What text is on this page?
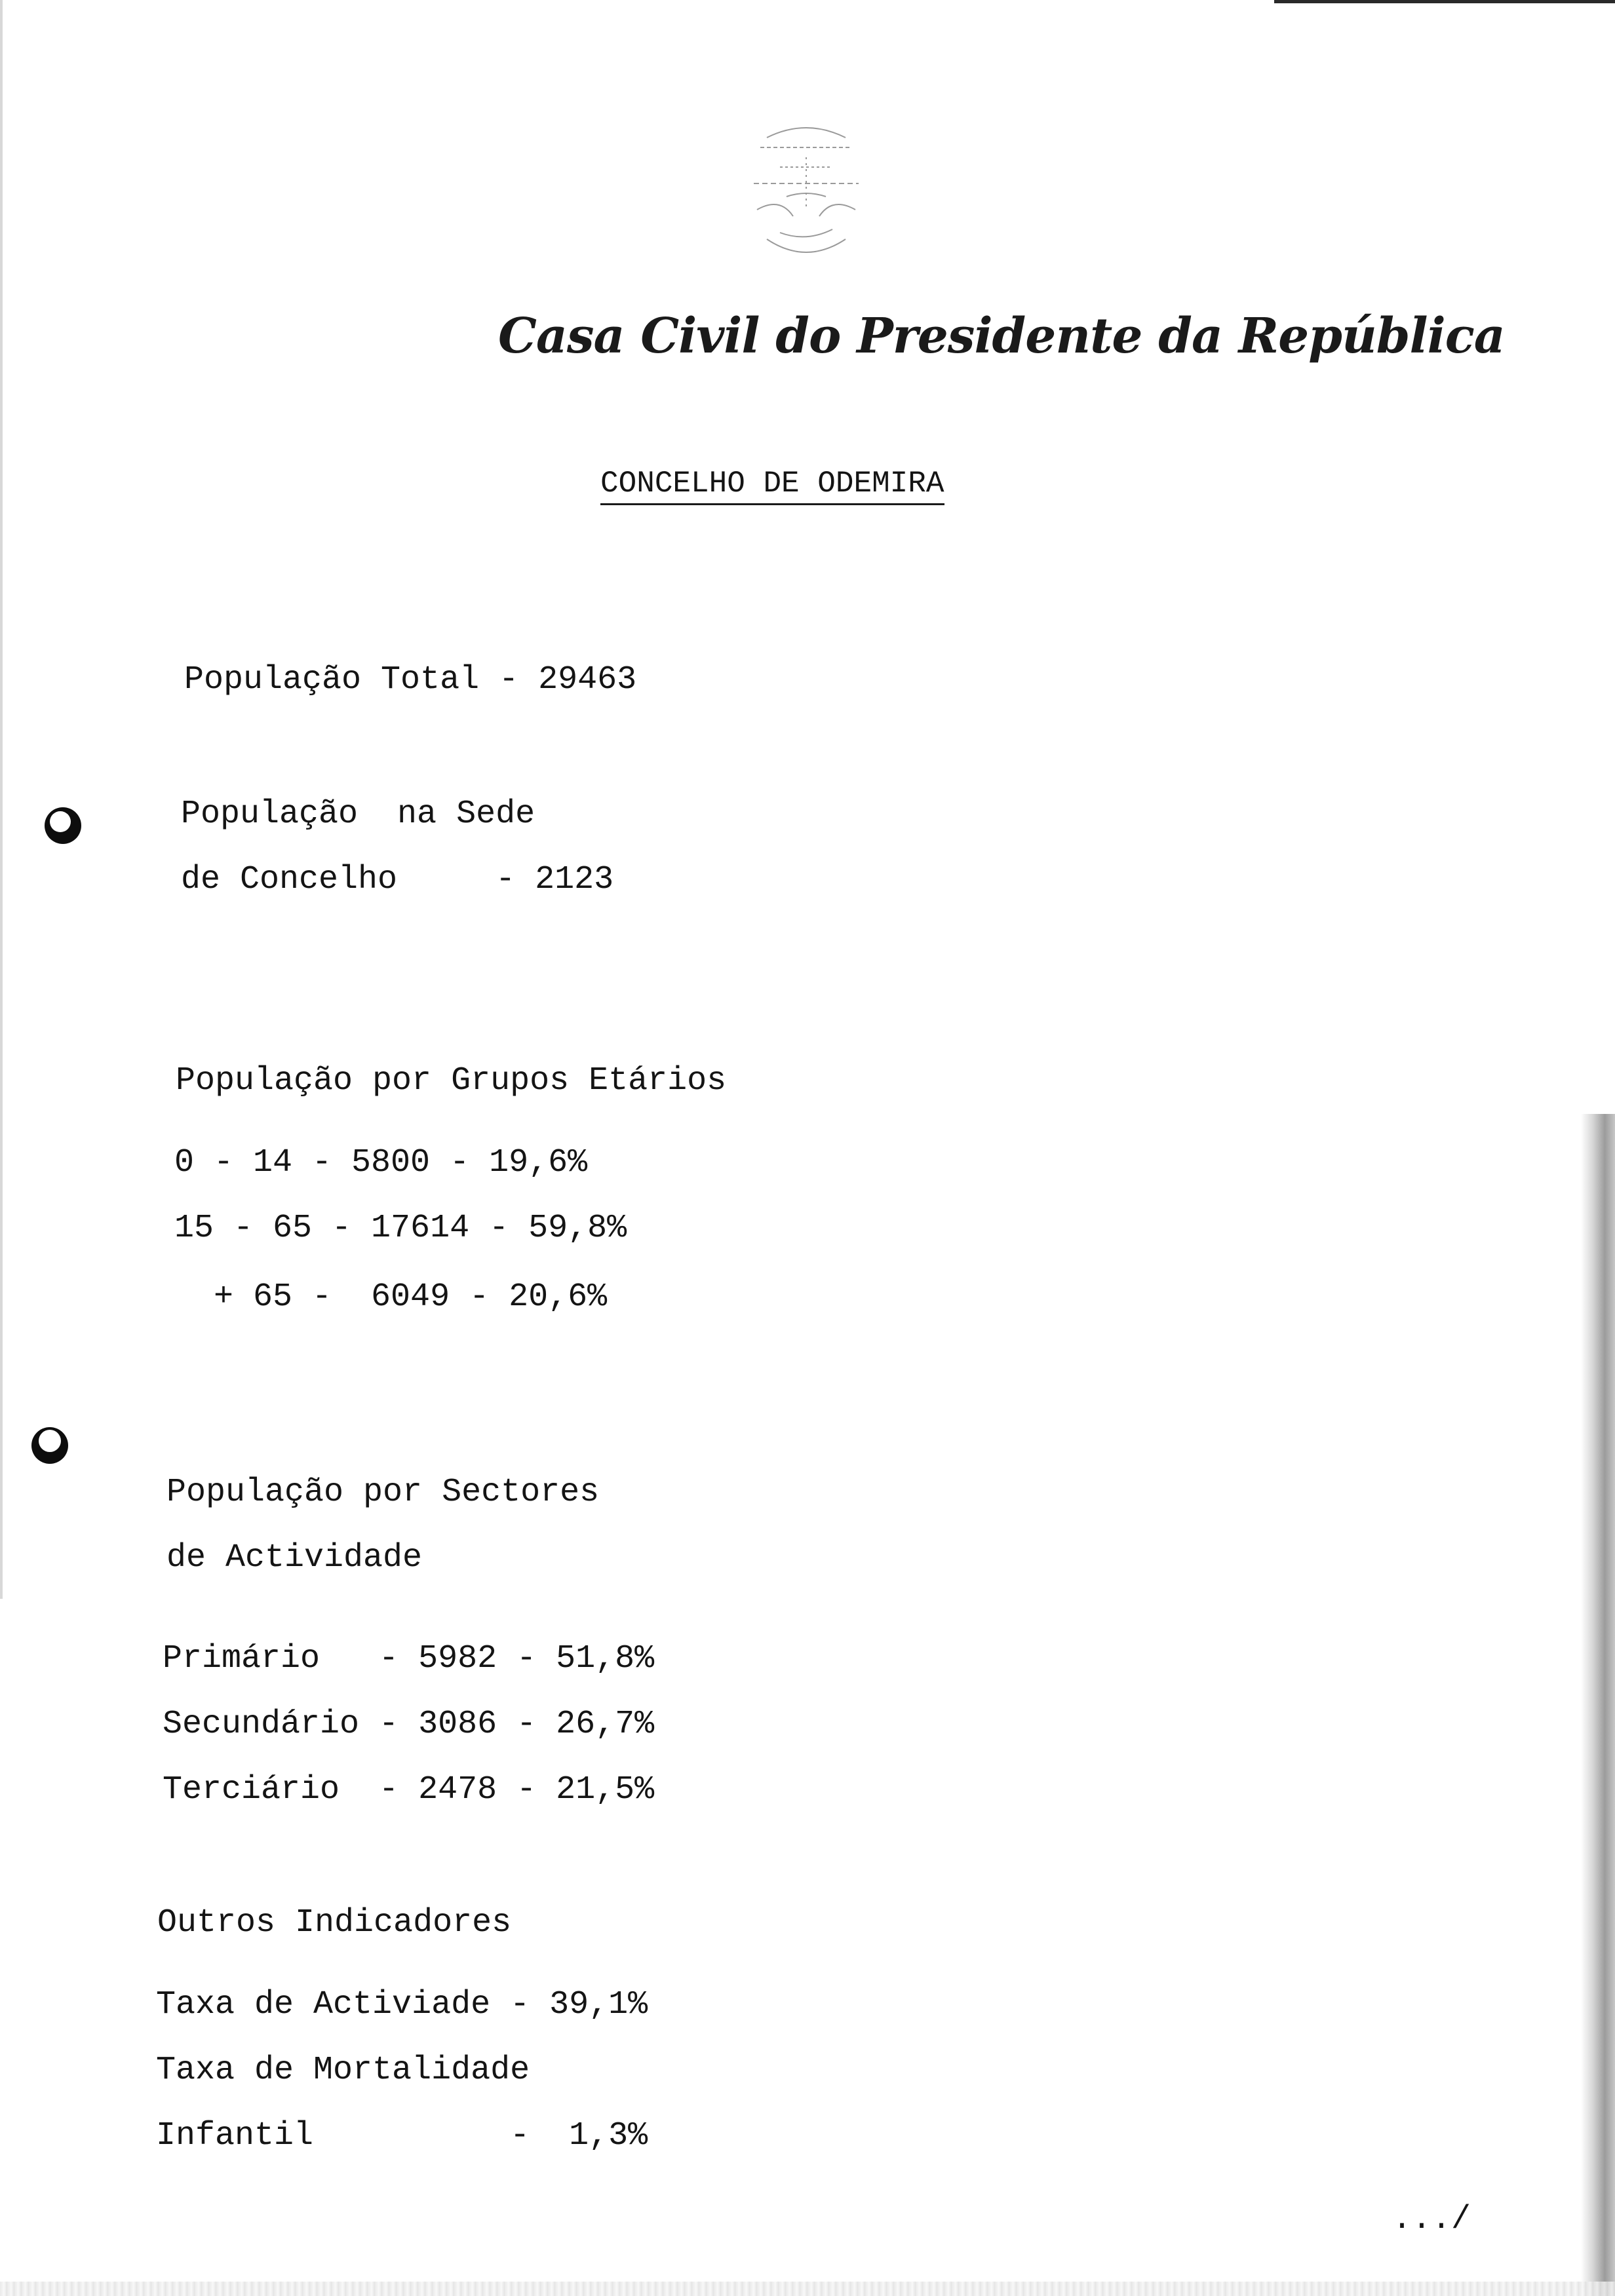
Casa Civil do Presidente da República
CONCELHO DE ODEMIRA
População Total - 29463
População  na Sede
de Concelho     - 2123
População por Grupos Etários
0 - 14 - 5800 - 19,6%
15 - 65 - 17614 - 59,8%
+ 65 -  6049 - 20,6%
População por Sectores
de Actividade
Primário   - 5982 - 51,8%
Secundário - 3086 - 26,7%
Terciário  - 2478 - 21,5%
Outros Indicadores
Taxa de Activiade - 39,1%
Taxa de Mortalidade
Infantil          -  1,3%
.../
